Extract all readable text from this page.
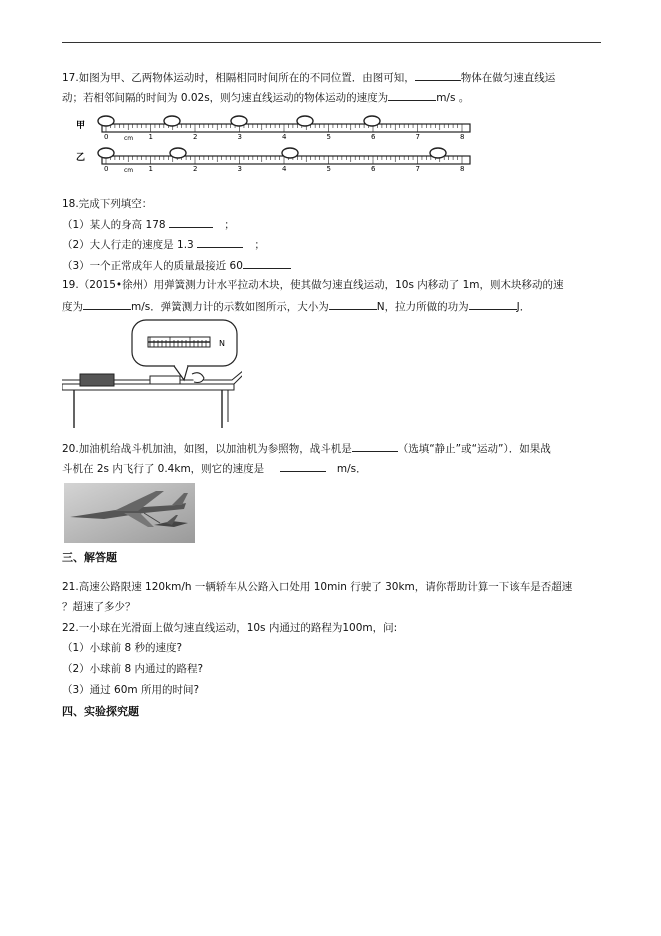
17.如图为甲、乙两物体运动时，相隔相同时间所在的不同位置．由图可知，	物体在做匀速直线运
动；若相邻间隔的时间为 0.02s，则匀速直线运动的物体运动的速度为	m/s 。
甲
乙
0	1	2	3	4	5	6	7	8
cm
0	1	2	3	4	5	6	7	8
cm
18.完成下列填空：
（1）某人的身高 178	；
（2）大人行走的速度是 1.3	；
（3）一个正常成年人的质量最接近 60
19.（2015•徐州）用弹簧测力计水平拉动木块，使其做匀速直线运动，10s 内移动了 1m，则木块移动的速
度为	m/s．弹簧测力计的示数如图所示，大小为	N，拉力所做的功为	J．
N
20.加油机给战斗机加油，如图，以加油机为参照物，战斗机是	（选填“静止”或“运动”）．如果战
斗机在 2s 内飞行了 0.4km，则它的速度是	m/s．
三、解答题
21.高速公路限速 120km/h 一辆轿车从公路入口处用 10min 行驶了 30km，请你帮助计算一下该车是否超速
？超速了多少？
22.一小球在光滑面上做匀速直线运动，10s 内通过的路程为100m，问:
（1）小球前 8 秒的速度?
（2）小球前 8 内通过的路程?
（3）通过 60m 所用的时间?
四、实验探究题
